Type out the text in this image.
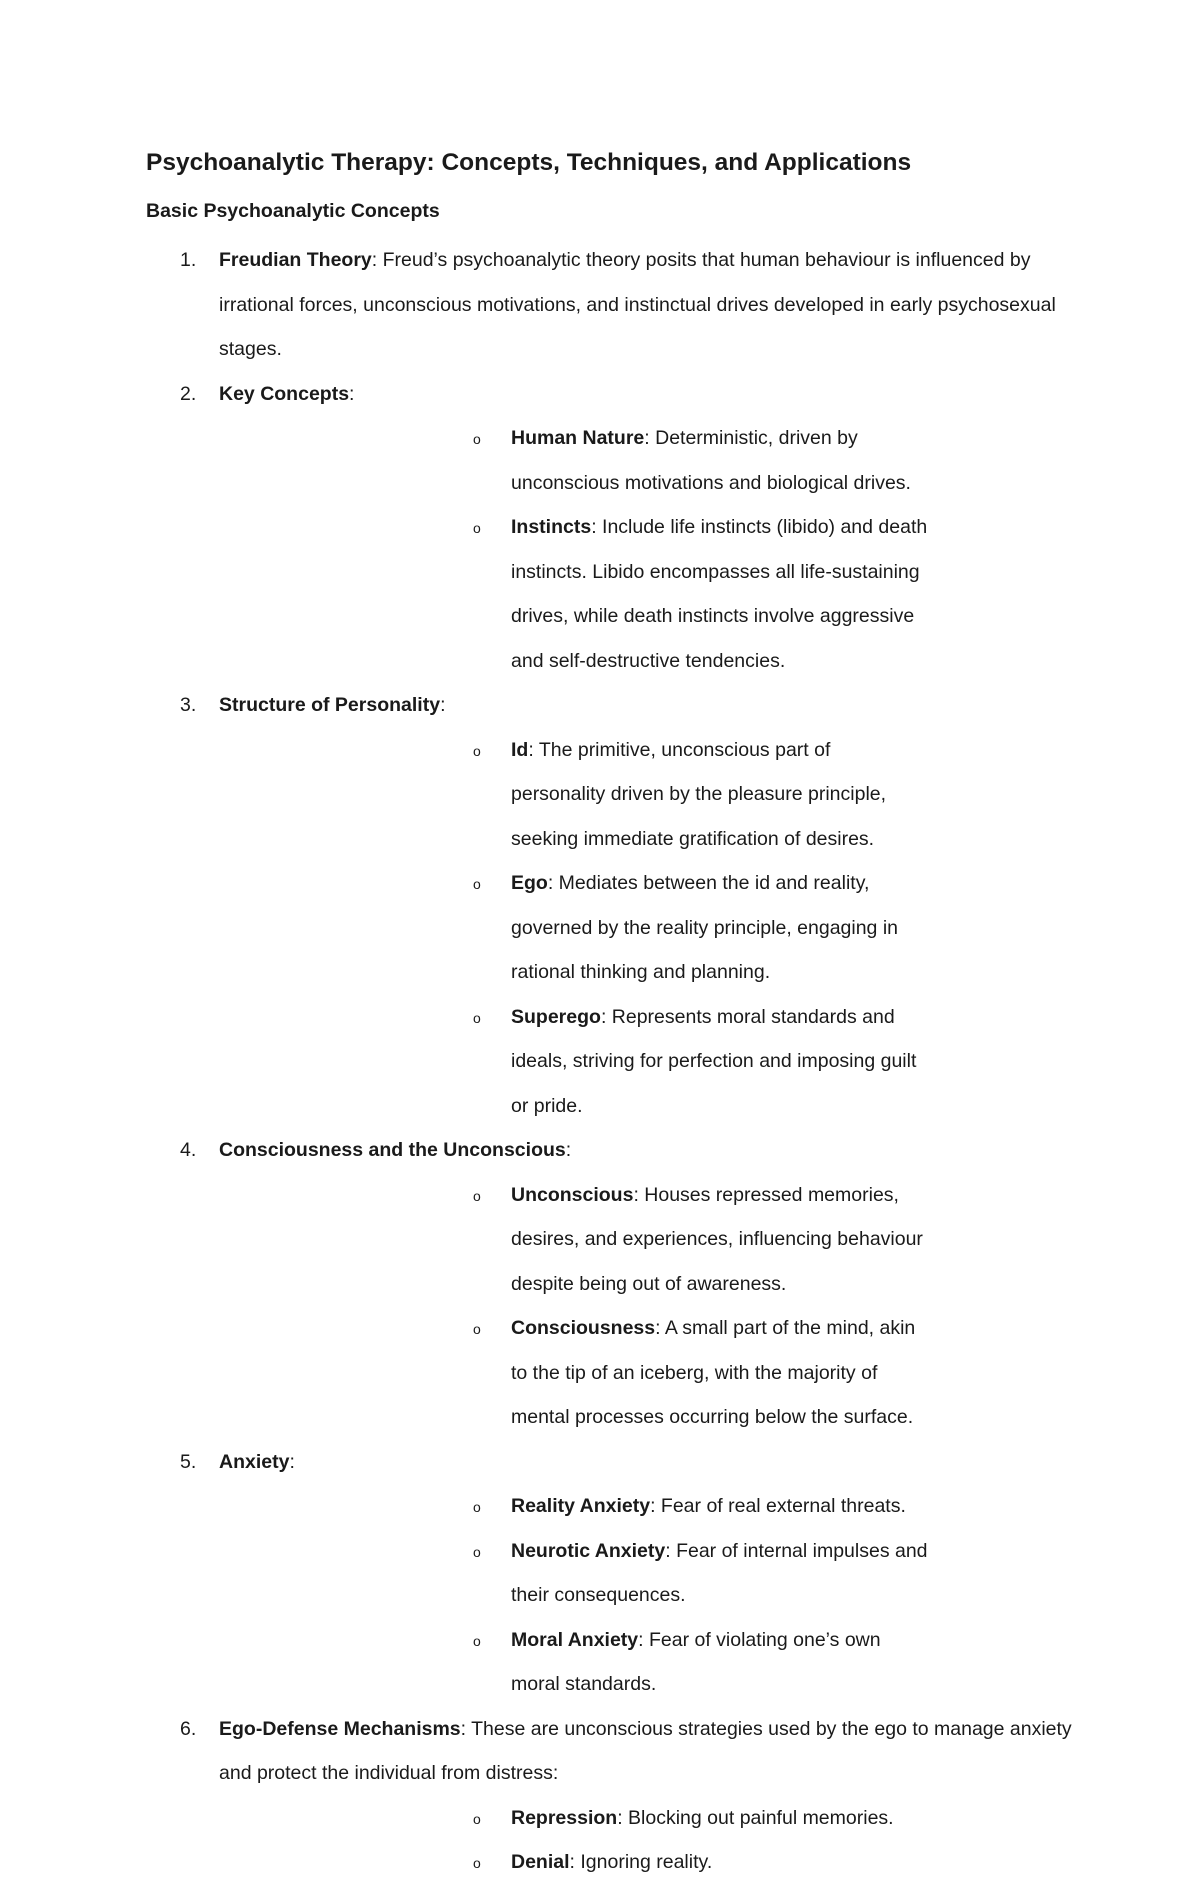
Psychoanalytic Therapy: Concepts, Techniques, and Applications
Basic Psychoanalytic Concepts
1. Freudian Theory: Freud’s psychoanalytic theory posits that human behaviour is influenced by irrational forces, unconscious motivations, and instinctual drives developed in early psychosexual stages.
2. Key Concepts:
o Human Nature: Deterministic, driven by unconscious motivations and biological drives.
o Instincts: Include life instincts (libido) and death instincts. Libido encompasses all life-sustaining drives, while death instincts involve aggressive and self-destructive tendencies.
3. Structure of Personality:
o Id: The primitive, unconscious part of personality driven by the pleasure principle, seeking immediate gratification of desires.
o Ego: Mediates between the id and reality, governed by the reality principle, engaging in rational thinking and planning.
o Superego: Represents moral standards and ideals, striving for perfection and imposing guilt or pride.
4. Consciousness and the Unconscious:
o Unconscious: Houses repressed memories, desires, and experiences, influencing behaviour despite being out of awareness.
o Consciousness: A small part of the mind, akin to the tip of an iceberg, with the majority of mental processes occurring below the surface.
5. Anxiety:
o Reality Anxiety: Fear of real external threats.
o Neurotic Anxiety: Fear of internal impulses and their consequences.
o Moral Anxiety: Fear of violating one’s own moral standards.
6. Ego-Defense Mechanisms: These are unconscious strategies used by the ego to manage anxiety and protect the individual from distress:
o Repression: Blocking out painful memories.
o Denial: Ignoring reality.
